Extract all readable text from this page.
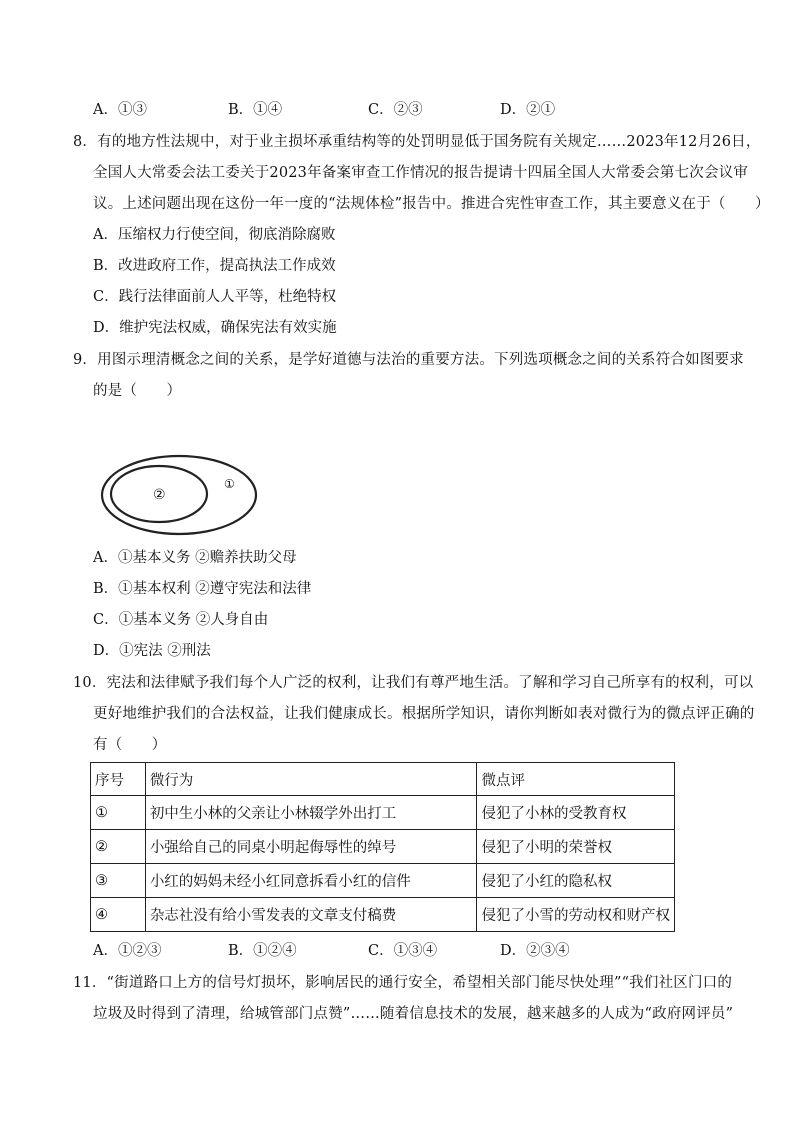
A．①③	B．①④	C．②③	D．②①
8．有的地方性法规中，对于业主损坏承重结构等的处罚明显低于国务院有关规定……2023年12月26日，
全国人大常委会法工委关于2023年备案审查工作情况的报告提请十四届全国人大常委会第七次会议审
议。上述问题出现在这份一年一度的“法规体检”报告中。推进合宪性审查工作，其主要意义在于（　　）
A．压缩权力行使空间，彻底消除腐败
B．改进政府工作，提高执法工作成效
C．践行法律面前人人平等，杜绝特权
D．维护宪法权威，确保宪法有效实施
9．用图示理清概念之间的关系，是学好道德与法治的重要方法。下列选项概念之间的关系符合如图要求
的是（　　）
②
①
A．①基本义务 ②赡养扶助父母
B．①基本权利 ②遵守宪法和法律
C．①基本义务 ②人身自由
D．①宪法 ②刑法
10．宪法和法律赋予我们每个人广泛的权利，让我们有尊严地生活。了解和学习自己所享有的权利，可以
更好地维护我们的合法权益，让我们健康成长。根据所学知识，请你判断如表对微行为的微点评正确的
有（　　）
序号	微行为	微点评
①	初中生小林的父亲让小林辍学外出打工	侵犯了小林的受教育权
②	小强给自己的同桌小明起侮辱性的绰号	侵犯了小明的荣誉权
③	小红的妈妈未经小红同意拆看小红的信件	侵犯了小红的隐私权
④	杂志社没有给小雪发表的文章支付稿费	侵犯了小雪的劳动权和财产权
A．①②③	B．①②④	C．①③④	D．②③④
11．“街道路口上方的信号灯损坏，影响居民的通行安全，希望相关部门能尽快处理”“我们社区门口的
垃圾及时得到了清理，给城管部门点赞”……随着信息技术的发展，越来越多的人成为“政府网评员”
